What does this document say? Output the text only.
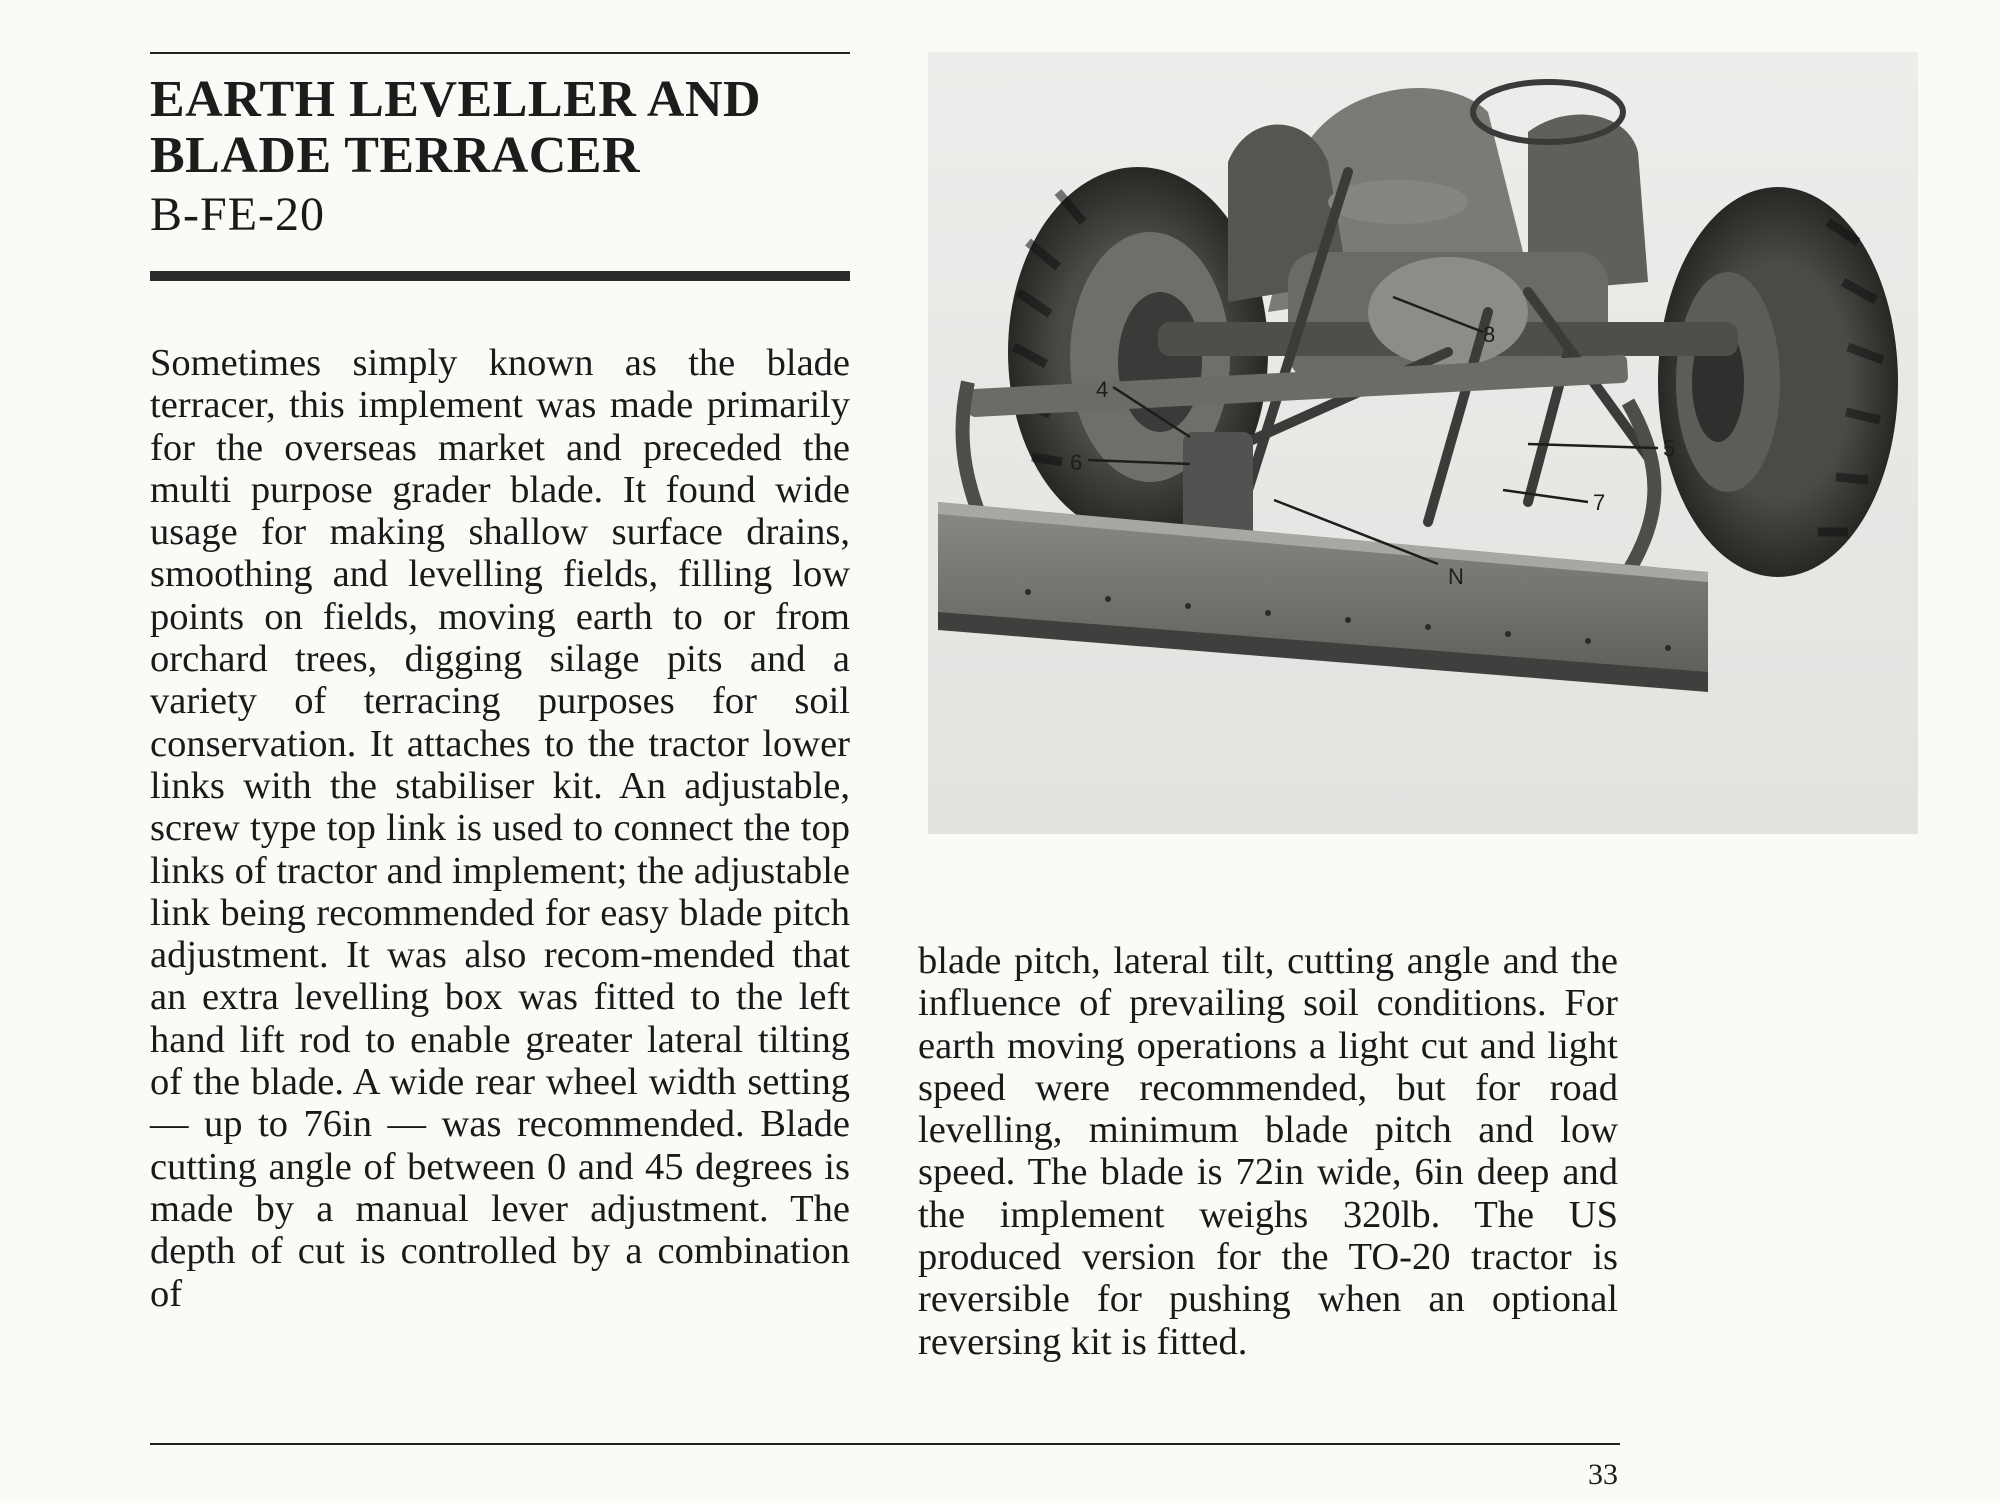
EARTH LEVELLER AND
BLADE TERRACER
B-FE-20
Sometimes simply known as the blade terracer, this implement was made primarily for the overseas market and preceded the multi purpose grader blade. It found wide usage for making shallow surface drains, smoothing and levelling fields, filling low points on fields, moving earth to or from orchard trees, digging silage pits and a variety of terracing purposes for soil conservation. It attaches to the tractor lower links with the stabiliser kit. An adjustable, screw type top link is used to connect the top links of tractor and implement; the adjustable link being recommended for easy blade pitch adjustment. It was also recom-mended that an extra levelling box was fitted to the left hand lift rod to enable greater lateral tilting of the blade. A wide rear wheel width setting — up to 76in — was recommended. Blade cutting angle of between 0 and 45 degrees is made by a manual lever adjustment. The depth of cut is controlled by a combination of
8
4
6
5
7
N
blade pitch, lateral tilt, cutting angle and the influence of prevailing soil conditions. For earth moving operations a light cut and light speed were recommended, but for road levelling, minimum blade pitch and low speed. The blade is 72in wide, 6in deep and the implement weighs 320lb. The US produced version for the TO-20 tractor is reversible for pushing when an optional reversing kit is fitted.
33
